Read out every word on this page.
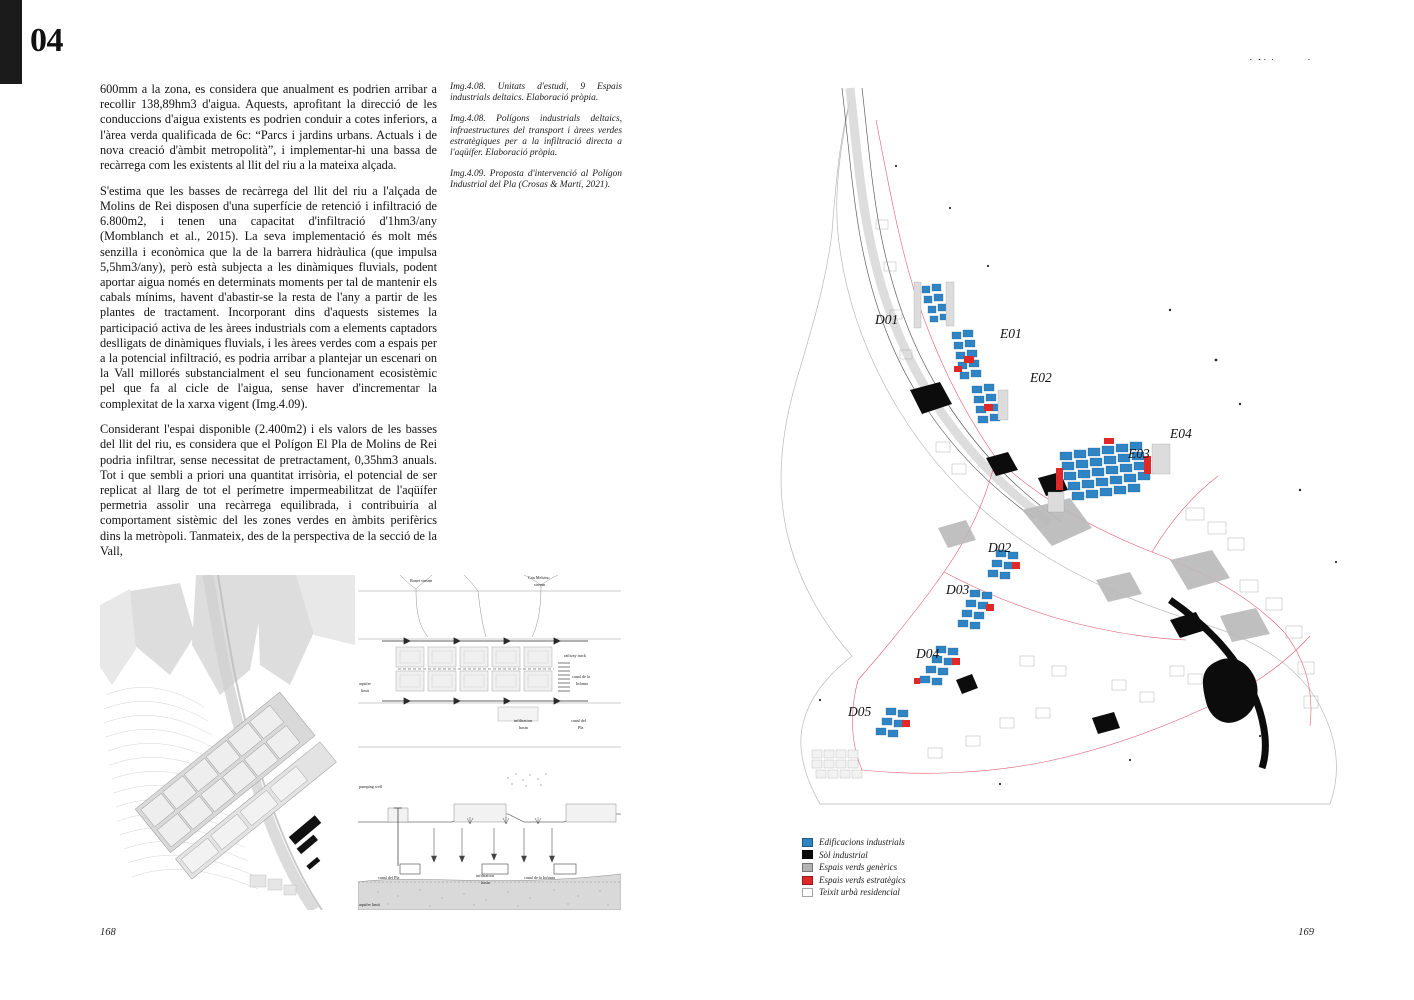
04

600mm a la zona, es considera que anualment es podrien arribar a recollir 138,89hm3 d'aigua. Aquests, aprofitant la direcció de les conduccions d'aigua existents es podrien conduir a cotes inferiors, a l'àrea verda qualificada de 6c: “Parcs i jardins urbans. Actuals i de nova creació d'àmbit metropolità”, i implementar-hi una bassa de recàrrega com les existents al llit del riu a la mateixa alçada.

S'estima que les basses de recàrrega del llit del riu a l'alçada de Molins de Rei disposen d'una superfície de retenció i infiltració de 6.800m2, i tenen una capacitat d'infiltració d'1hm3/any (Momblanch et al., 2015). La seva implementació és molt més senzilla i econòmica que la de la barrera hidràulica (que impulsa 5,5hm3/any), però està subjecta a les dinàmiques fluvials, podent aportar aigua només en determinats moments per tal de mantenir els cabals mínims, havent d'abastir-se la resta de l'any a partir de les plantes de tractament. Incorporant dins d'aquests sistemes la participació activa de les àrees industrials com a elements captadors deslligats de dinàmiques fluvials, i les àrees verdes com a espais per a la potencial infiltració, es podria arribar a plantejar un escenari on la Vall millorés substancialment el seu funcionament ecosistèmic pel que fa al cicle de l'aigua, sense haver d'incrementar la complexitat de la xarxa vigent (Img.4.09).

Considerant l'espai disponible (2.400m2) i els valors de les basses del llit del riu, es considera que el Polígon El Pla de Molins de Rei podria infiltrar, sense necessitat de pretractament, 0,35hm3 anuals. Tot i que sembli a priori una quantitat irrisòria, el potencial de ser replicat al llarg de tot el perímetre impermeabilitzat de l'aqüífer permetria assolir una recàrrega equilibrada, i contribuiria al comportament sistèmic del les zones verdes en àmbits perifèrics dins la metròpoli. Tanmateix, des de la perspectiva de la secció de la Vall,

Img.4.08. Unitats d'estudi, 9 Espais industrials deltaics. Elaboració pròpia.

Img.4.08. Polígons industrials deltaics, infraestructures del transport i àrees verdes estratègiques per a la infiltració directa a l'aqüífer. Elaboració pròpia.

Img.4.09. Proposta d'intervenció al Polígon Industrial del Pla (Crosas & Martí, 2021).

Bonet stream
Can Melsino
stream
railway track
canal de la
Infanta
aquifer
limit
infiltration
basin
canal del
Pla
pumping well
canal del Pla	infiltration
basin
canal de la Infanta
aquifer limit
D01
E01
E02
E03
E04
D02
D03
D04
D05
Edificacions industrials
Sòl industrial
Espais verds genèrics
Espais verds estratègics
Teixit urbà residencial
168	169
